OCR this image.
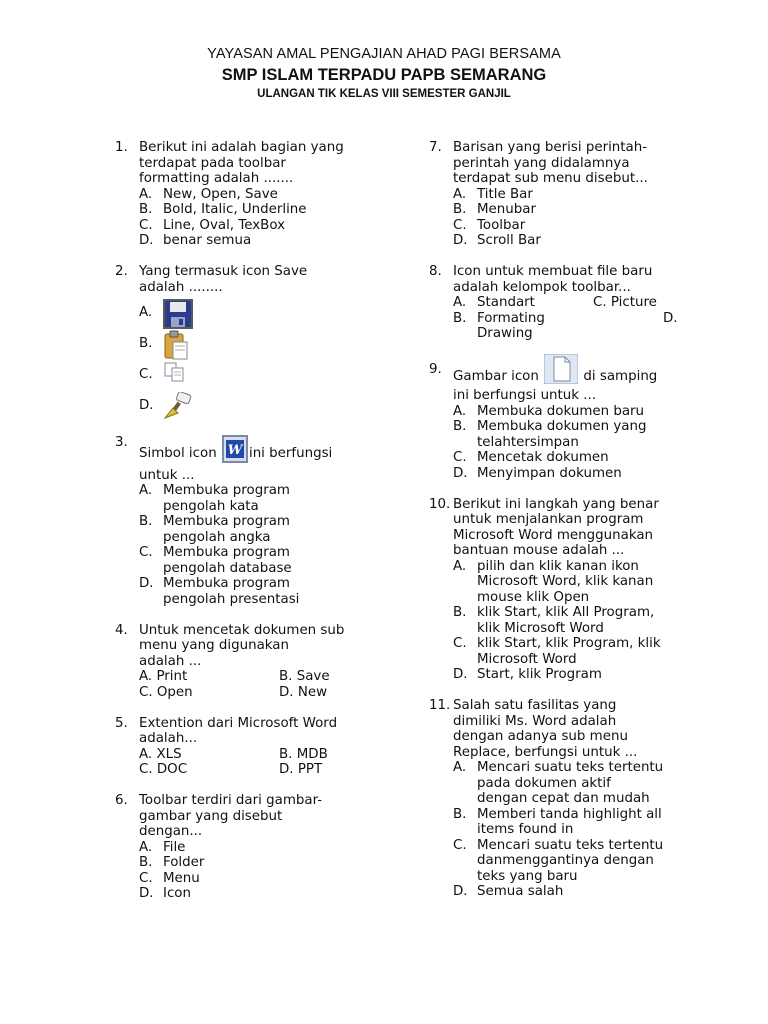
YAYASAN AMAL PENGAJIAN AHAD PAGI BERSAMA
SMP ISLAM TERPADU PAPB SEMARANG
ULANGAN TIK KELAS VIII SEMESTER GANJIL
1. Berikut ini adalah bagian yang
terdapat pada toolbar
formatting adalah .......
A. New, Open, Save
B. Bold, Italic, Underline
C. Line, Oval, TexBox
D. benar semua
2. Yang termasuk icon Save
adalah ........
A.
B.
C.
D.
3.
Simbol icon W ini berfungsi
untuk ...
A. Membuka program
pengolah kata
B. Membuka program
pengolah angka
C. Membuka program
pengolah database
D. Membuka program
pengolah presentasi
4. Untuk mencetak dokumen sub
menu yang digunakan
adalah ...
A. Print	B. Save
C. Open	D. New
5. Extention dari Microsoft Word
adalah...
A. XLS	B. MDB
C. DOC	D. PPT
6. Toolbar terdiri dari gambar-
gambar yang disebut
dengan...
A. File
B. Folder
C. Menu
D. Icon
7. Barisan yang berisi perintah-
perintah yang didalamnya
terdapat sub menu disebut...
A. Title Bar
B. Menubar
C. Toolbar
D. Scroll Bar
8. Icon untuk membuat file baru
adalah kelompok toolbar...
A. Standart	C. Picture
B. Formating	D.
Drawing
9. Gambar icon	di samping
ini berfungsi untuk ...
A. Membuka dokumen baru
B. Membuka dokumen yang
telahtersimpan
C. Mencetak dokumen
D. Menyimpan dokumen
10. Berikut ini langkah yang benar
untuk menjalankan program
Microsoft Word menggunakan
bantuan mouse adalah ...
A. pilih dan klik kanan ikon
Microsoft Word, klik kanan
mouse klik Open
B. klik Start, klik All Program,
klik Microsoft Word
C. klik Start, klik Program, klik
Microsoft Word
D. Start, klik Program
11. Salah satu fasilitas yang
dimiliki Ms. Word adalah
dengan adanya sub menu
Replace, berfungsi untuk ...
A. Mencari suatu teks tertentu
pada dokumen aktif
dengan cepat dan mudah
B. Memberi tanda highlight all
items found in
C. Mencari suatu teks tertentu
danmenggantinya dengan
teks yang baru
D. Semua salah
